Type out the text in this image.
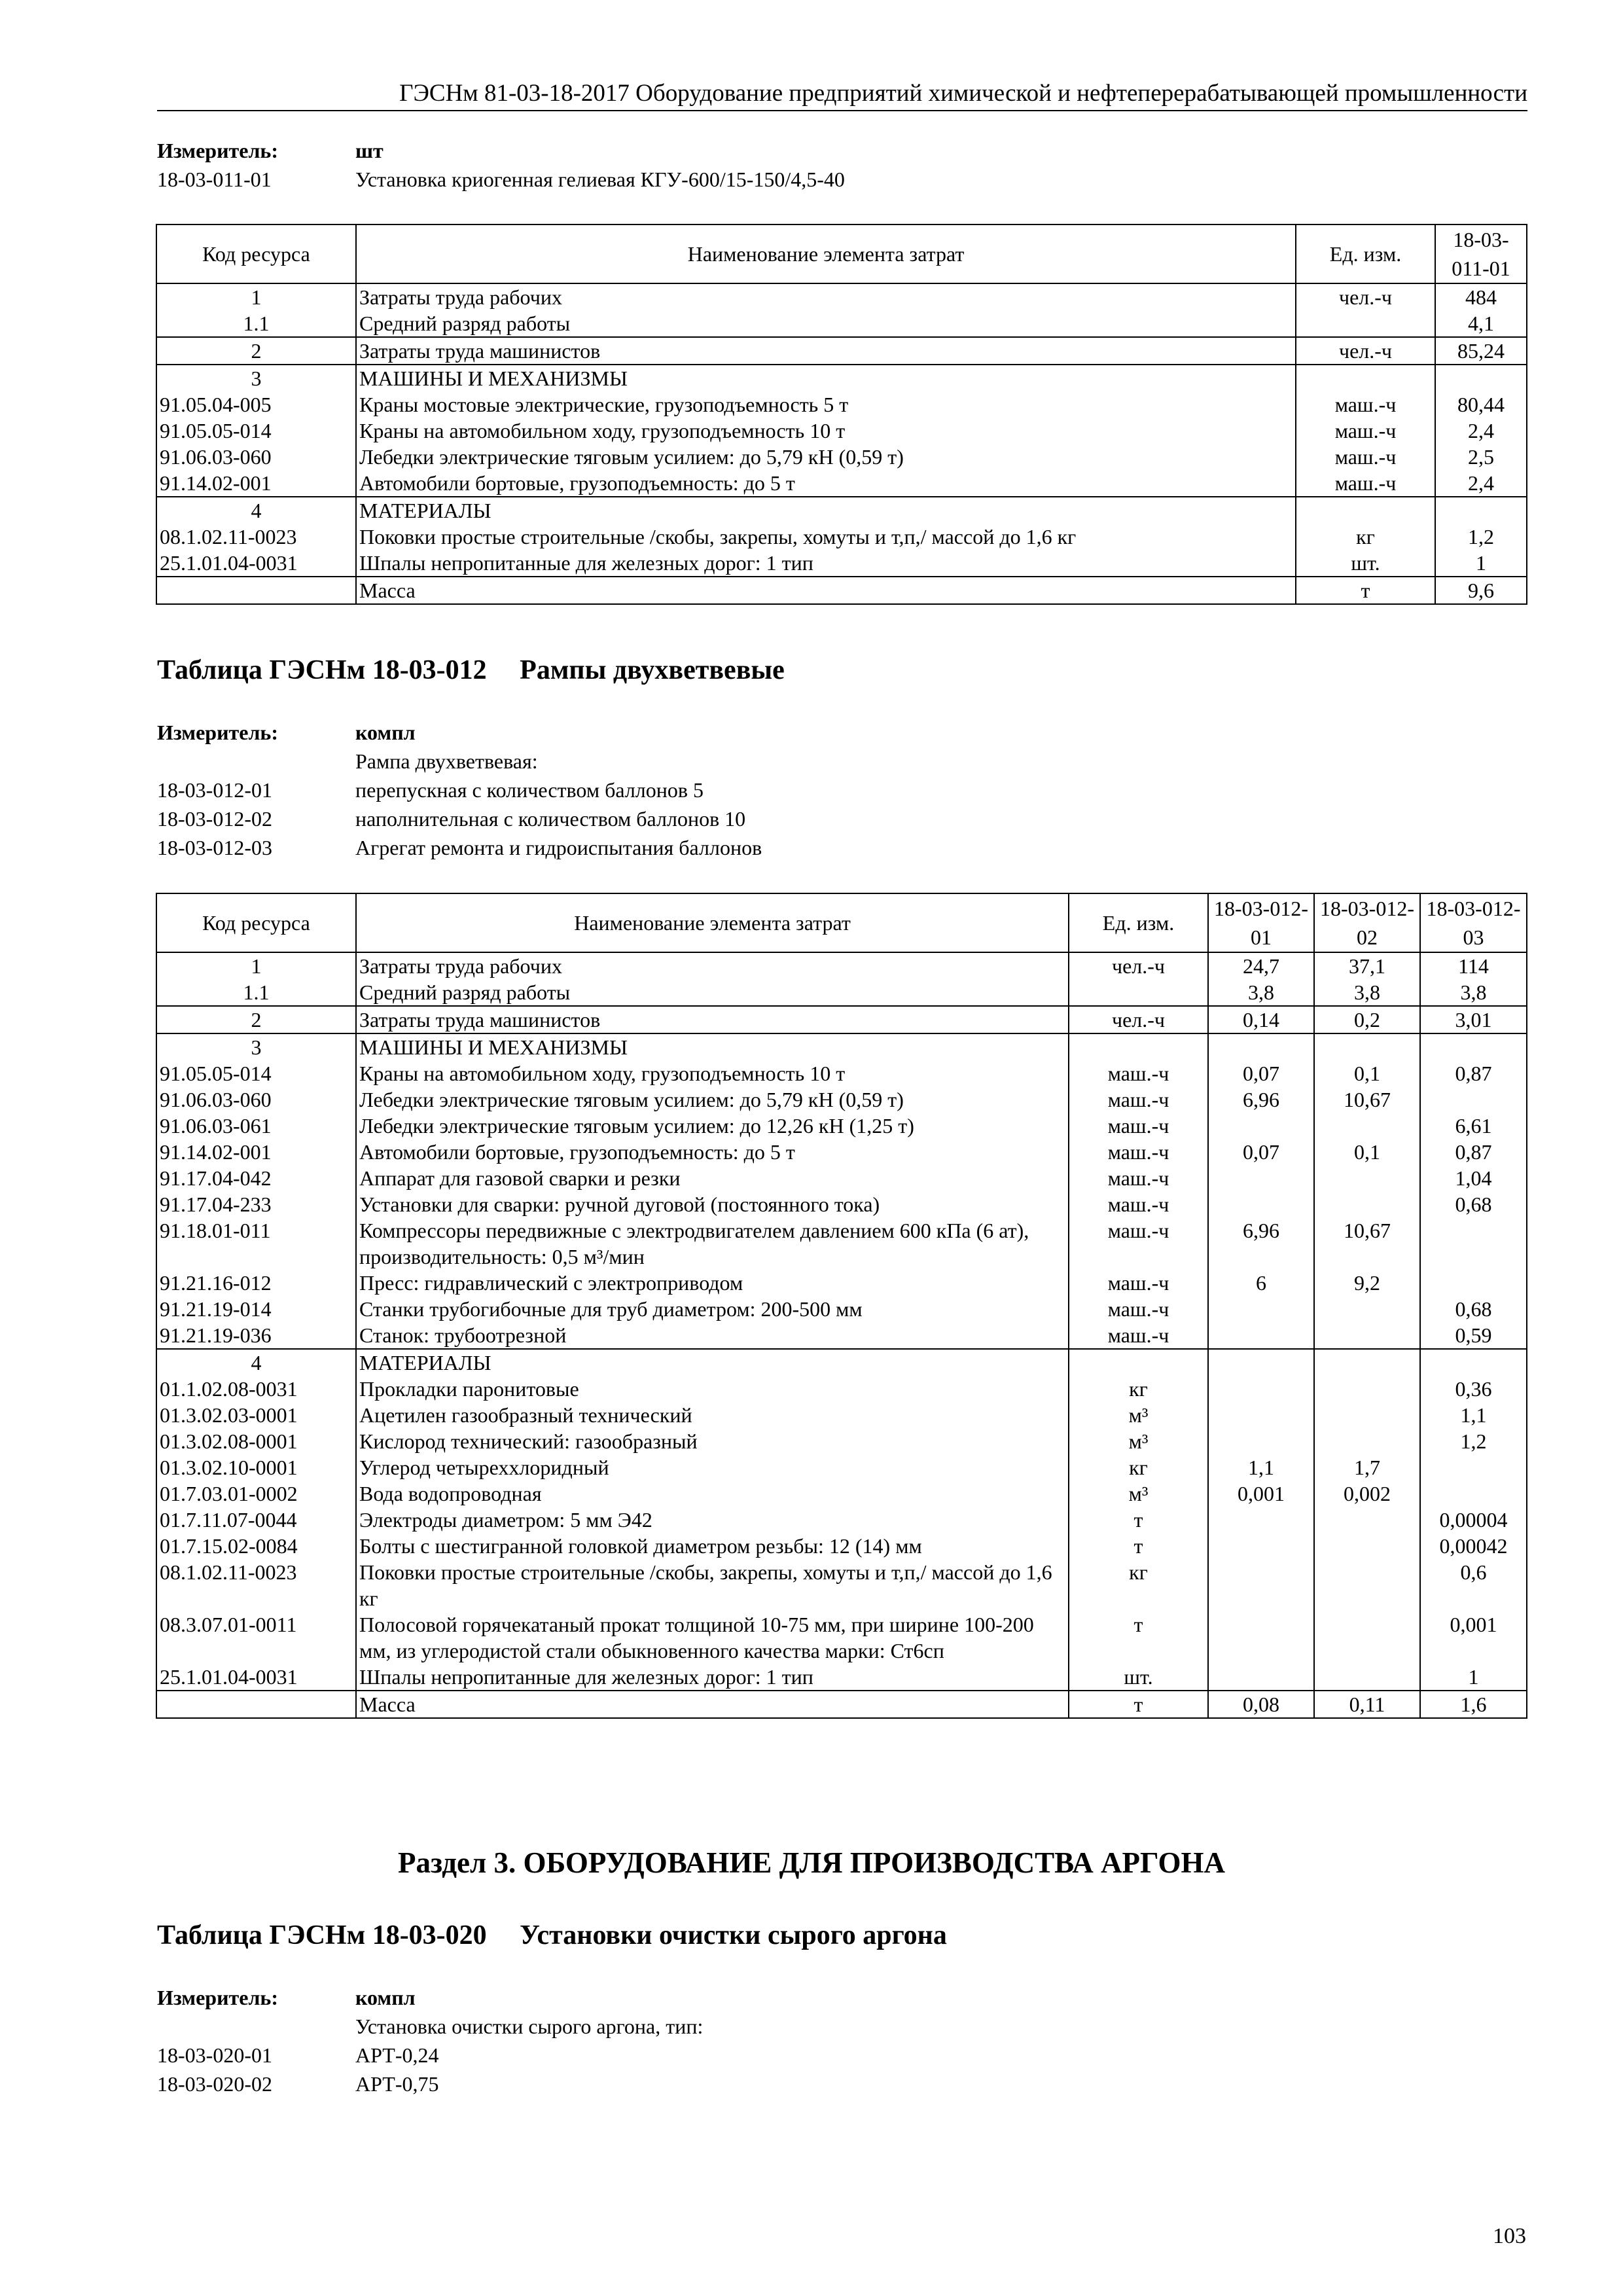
ГЭСНм 81-03-18-2017 Оборудование предприятий химической и нефтеперерабатывающей промышленности
Измеритель:	шт
18-03-011-01	Установка криогенная гелиевая КГУ-600/15-150/4,5-40
Код ресурса	Наименование элемента затрат	Ед. изм.	18-03-011-01
1	Затраты труда рабочих	чел.-ч	484
1.1	Средний разряд работы		4,1
2	Затраты труда машинистов	чел.-ч	85,24
3	МАШИНЫ И МЕХАНИЗМЫ		
91.05.04-005	Краны мостовые электрические, грузоподъемность 5 т	маш.-ч	80,44
91.05.05-014	Краны на автомобильном ходу, грузоподъемность 10 т	маш.-ч	2,4
91.06.03-060	Лебедки электрические тяговым усилием: до 5,79 кН (0,59 т)	маш.-ч	2,5
91.14.02-001	Автомобили бортовые, грузоподъемность: до 5 т	маш.-ч	2,4
4	МАТЕРИАЛЫ		
08.1.02.11-0023	Поковки простые строительные /скобы, закрепы, хомуты и т,п,/ массой до 1,6 кг	кг	1,2
25.1.01.04-0031	Шпалы непропитанные для железных дорог: 1 тип	шт.	1
	Масса	т	9,6
Таблица ГЭСНм 18-03-012 Рампы двухветвевые
Измеритель:	компл
Рампа двухветвевая:
18-03-012-01	перепускная с количеством баллонов 5
18-03-012-02	наполнительная с количеством баллонов 10
18-03-012-03	Агрегат ремонта и гидроиспытания баллонов
Код ресурса	Наименование элемента затрат	Ед. изм.	18-03-012-01	18-03-012-02	18-03-012-03
1	Затраты труда рабочих	чел.-ч	24,7	37,1	114
1.1	Средний разряд работы		3,8	3,8	3,8
2	Затраты труда машинистов	чел.-ч	0,14	0,2	3,01
3	МАШИНЫ И МЕХАНИЗМЫ				
91.05.05-014	Краны на автомобильном ходу, грузоподъемность 10 т	маш.-ч	0,07	0,1	0,87
91.06.03-060	Лебедки электрические тяговым усилием: до 5,79 кН (0,59 т)	маш.-ч	6,96	10,67	
91.06.03-061	Лебедки электрические тяговым усилием: до 12,26 кН (1,25 т)	маш.-ч			6,61
91.14.02-001	Автомобили бортовые, грузоподъемность: до 5 т	маш.-ч	0,07	0,1	0,87
91.17.04-042	Аппарат для газовой сварки и резки	маш.-ч			1,04
91.17.04-233	Установки для сварки: ручной дуговой (постоянного тока)	маш.-ч			0,68
91.18.01-011	Компрессоры передвижные с электродвигателем давлением 600 кПа (6 ат), производительность: 0,5 м³/мин	маш.-ч	6,96	10,67	
91.21.16-012	Пресс: гидравлический с электроприводом	маш.-ч	6	9,2	
91.21.19-014	Станки трубогибочные для труб диаметром: 200-500 мм	маш.-ч			0,68
91.21.19-036	Станок: трубоотрезной	маш.-ч			0,59
4	МАТЕРИАЛЫ				
01.1.02.08-0031	Прокладки паронитовые	кг			0,36
01.3.02.03-0001	Ацетилен газообразный технический	м³			1,1
01.3.02.08-0001	Кислород технический: газообразный	м³			1,2
01.3.02.10-0001	Углерод четыреххлоридный	кг	1,1	1,7	
01.7.03.01-0002	Вода водопроводная	м³	0,001	0,002	
01.7.11.07-0044	Электроды диаметром: 5 мм Э42	т			0,00004
01.7.15.02-0084	Болты с шестигранной головкой диаметром резьбы: 12 (14) мм	т			0,00042
08.1.02.11-0023	Поковки простые строительные /скобы, закрепы, хомуты и т,п,/ массой до 1,6 кг	кг			0,6
08.3.07.01-0011	Полосовой горячекатаный прокат толщиной 10-75 мм, при ширине 100-200 мм, из углеродистой стали обыкновенного качества марки: Ст6сп	т			0,001
25.1.01.04-0031	Шпалы непропитанные для железных дорог: 1 тип	шт.			1
	Масса	т	0,08	0,11	1,6
Раздел 3. ОБОРУДОВАНИЕ ДЛЯ ПРОИЗВОДСТВА АРГОНА
Таблица ГЭСНм 18-03-020 Установки очистки сырого аргона
Измеритель:	компл
Установка очистки сырого аргона, тип:
18-03-020-01	АРТ-0,24
18-03-020-02	АРТ-0,75
103
